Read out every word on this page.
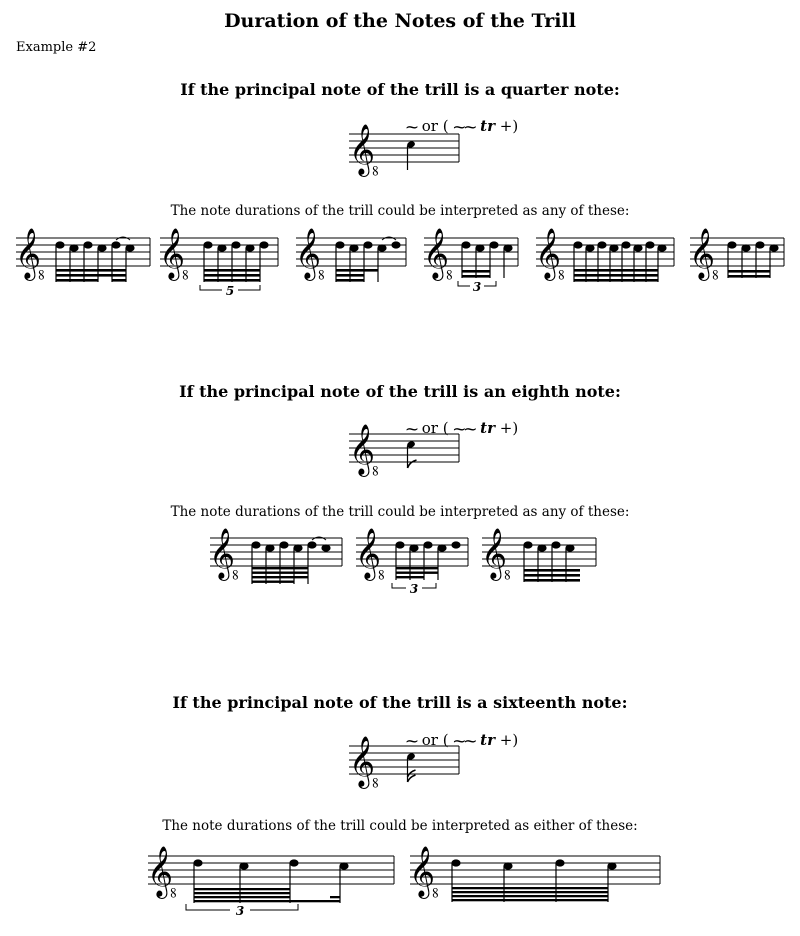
Duration of the Notes of the Trill
Example #2
If the principal note of the trill is a quarter note:
𝄠 ⁓ or ( ⁓⁓ tr +)
The note durations of the trill could be interpreted as any of these:
𝄠	𝄠
5
𝄠 𝄠
3
𝄠	𝄠
If the principal note of the trill is an eighth note:
𝄠 ⁓ or ( ⁓⁓ tr +)
The note durations of the trill could be interpreted as any of these:
𝄠	𝄠
3
𝄠
If the principal note of the trill is a sixteenth note:
𝄠 ⁓ or ( ⁓⁓ tr +)
The note durations of the trill could be interpreted as either of these:
𝄠
3
𝄠
